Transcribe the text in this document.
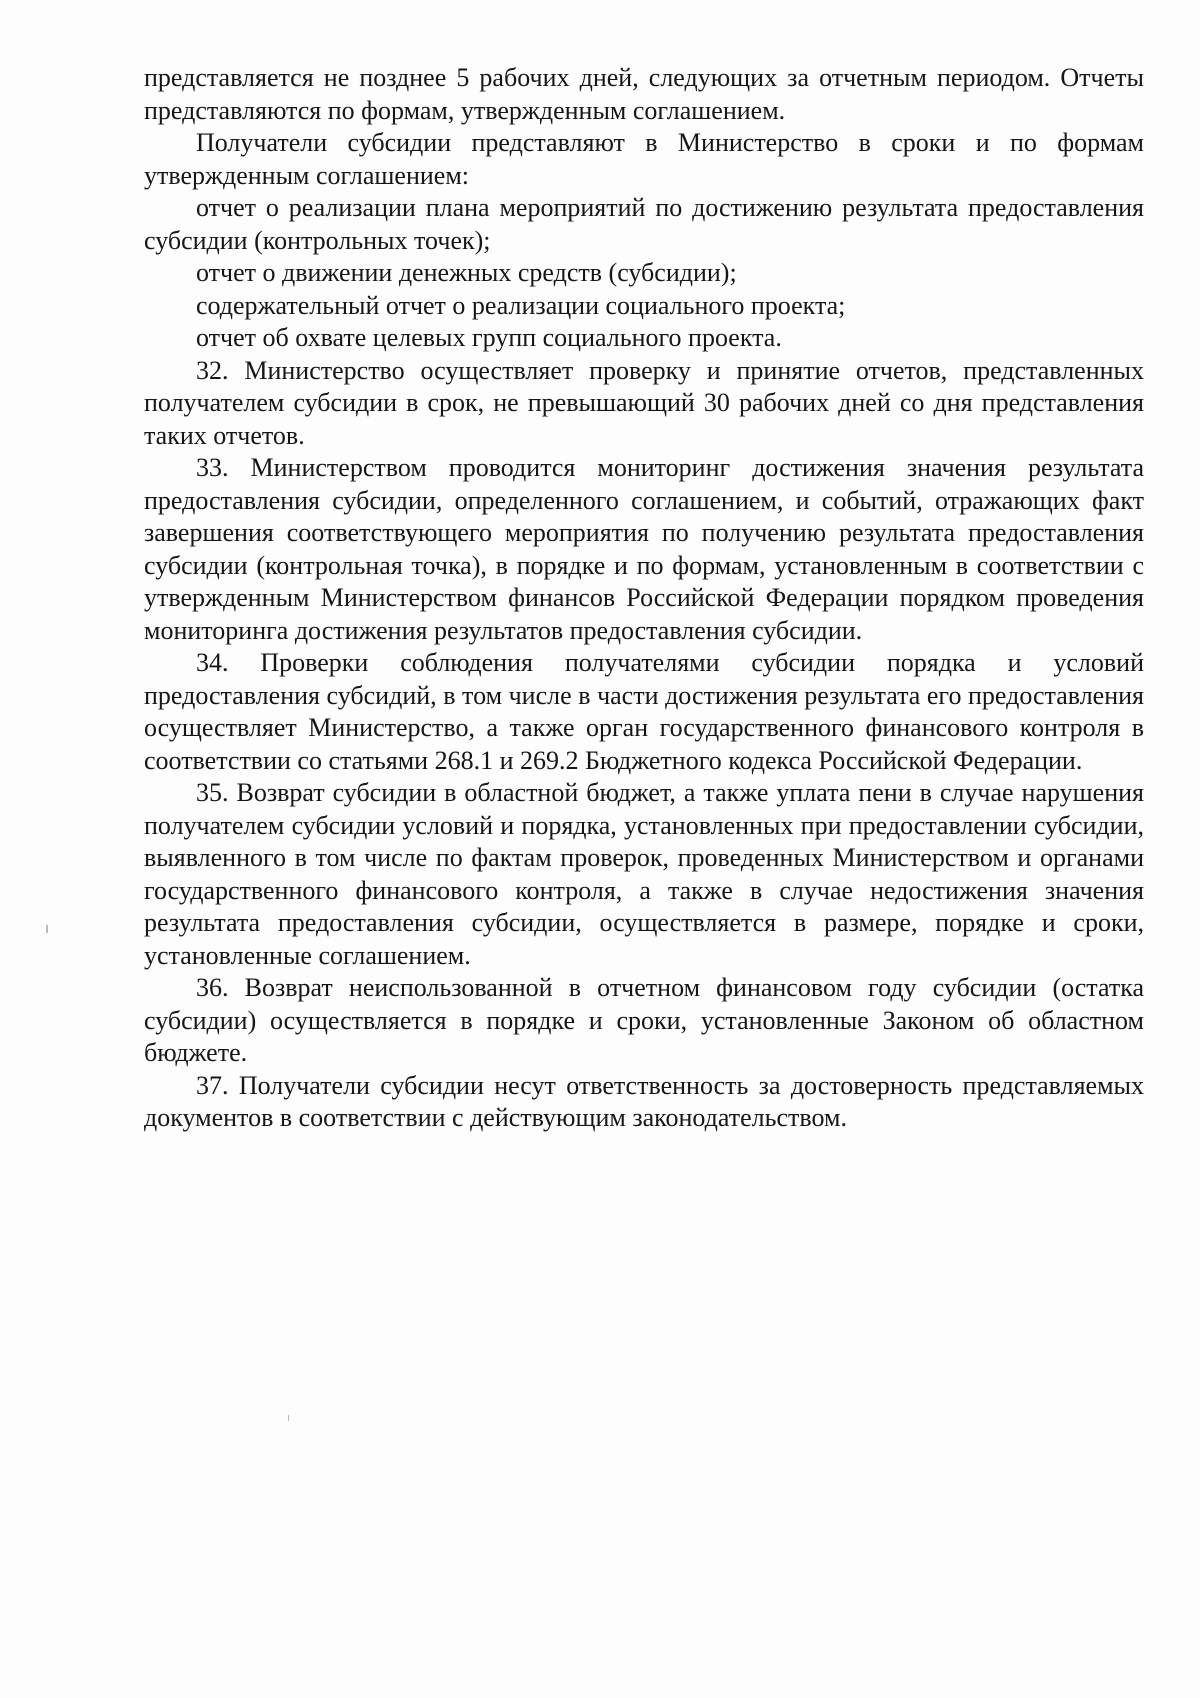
представляется не позднее 5 рабочих дней, следующих за отчетным периодом. Отчеты представляются по формам, утвержденным соглашением.

Получатели субсидии представляют в Министерство в сроки и по формам утвержденным соглашением:

отчет о реализации плана мероприятий по достижению результата предоставления субсидии (контрольных точек);

отчет о движении денежных средств (субсидии);

содержательный отчет о реализации социального проекта;

отчет об охвате целевых групп социального проекта.

32. Министерство осуществляет проверку и принятие отчетов, представленных получателем субсидии в срок, не превышающий 30 рабочих дней со дня представления таких отчетов.

33. Министерством проводится мониторинг достижения значения результата предоставления субсидии, определенного соглашением, и событий, отражающих факт завершения соответствующего мероприятия по получению результата предоставления субсидии (контрольная точка), в порядке и по формам, установленным в соответствии с утвержденным Министерством финансов Российской Федерации порядком проведения мониторинга достижения результатов предоставления субсидии.

34. Проверки соблюдения получателями субсидии порядка и условий предоставления субсидий, в том числе в части достижения результата его предоставления осуществляет Министерство, а также орган государственного финансового контроля в соответствии со статьями 268.1 и 269.2 Бюджетного кодекса Российской Федерации.

35. Возврат субсидии в областной бюджет, а также уплата пени в случае нарушения получателем субсидии условий и порядка, установленных при предоставлении субсидии, выявленного в том числе по фактам проверок, проведенных Министерством и органами государственного финансового контроля, а также в случае недостижения значения результата предоставления субсидии, осуществляется в размере, порядке и сроки, установленные соглашением.

36. Возврат неиспользованной в отчетном финансовом году субсидии (остатка субсидии) осуществляется в порядке и сроки, установленные Законом об областном бюджете.

37. Получатели субсидии несут ответственность за достоверность представляемых документов в соответствии с действующим законодательством.
